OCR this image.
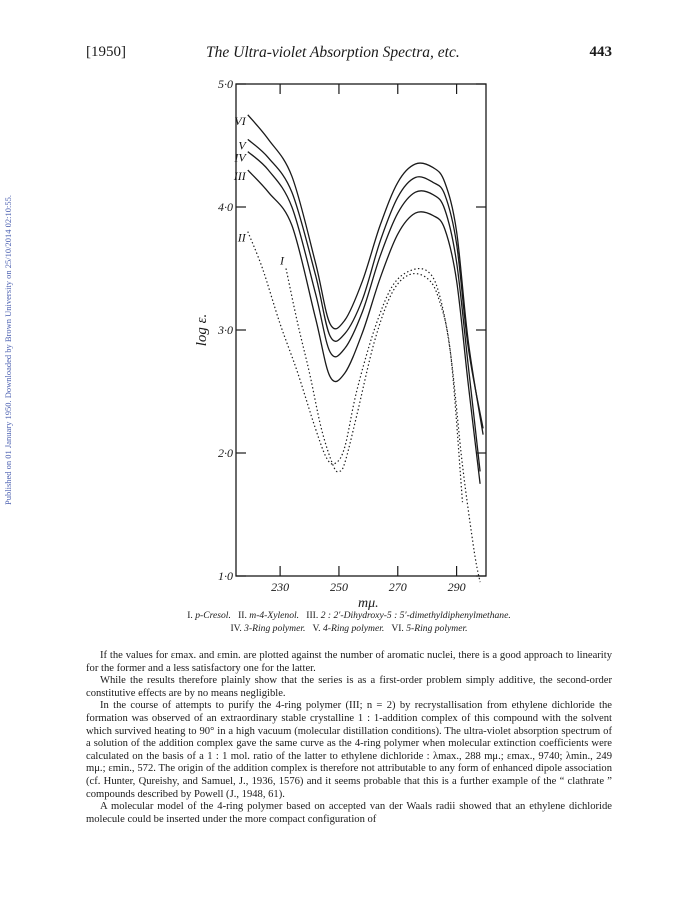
Published on 01 January 1950. Downloaded by Brown University on 25/10/2014 02:10:55.
[1950]	The Ultra-violet Absorption Spectra, etc.	443
1·0
2·0
3·0
4·0
5·0
230	250	270	290
mμ.
log ε.
VI
V
IV
III
II
I
I. p-Cresol. II. m-4-Xylenol. III. 2 : 2′-Dihydroxy-5 : 5′-dimethyldiphenylmethane.
IV. 3-Ring polymer. V. 4-Ring polymer. VI. 5-Ring polymer.

If the values for εmax. and εmin. are plotted against the number of aromatic nuclei, there is a good approach to linearity for the former and a less satisfactory one for the latter.

While the results therefore plainly show that the series is as a first-order problem simply additive, the second-order constitutive effects are by no means negligible.

In the course of attempts to purify the 4-ring polymer (III; n = 2) by recrystallisation from ethylene dichloride the formation was observed of an extraordinary stable crystalline 1 : 1-addition complex of this compound with the solvent which survived heating to 90° in a high vacuum (molecular distillation conditions). The ultra-violet absorption spectrum of a solution of the addition complex gave the same curve as the 4-ring polymer when molecular extinction coefficients were calculated on the basis of a 1 : 1 mol. ratio of the latter to ethylene dichloride : λmax., 288 mμ.; εmax., 9740; λmin., 249 mμ.; εmin., 572. The origin of the addition complex is therefore not attributable to any form of enhanced dipole association (cf. Hunter, Qureishy, and Samuel, J., 1936, 1576) and it seems probable that this is a further example of the “ clathrate ” compounds described by Powell (J., 1948, 61).

A molecular model of the 4-ring polymer based on accepted van der Waals radii showed that an ethylene dichloride molecule could be inserted under the more compact configuration of
